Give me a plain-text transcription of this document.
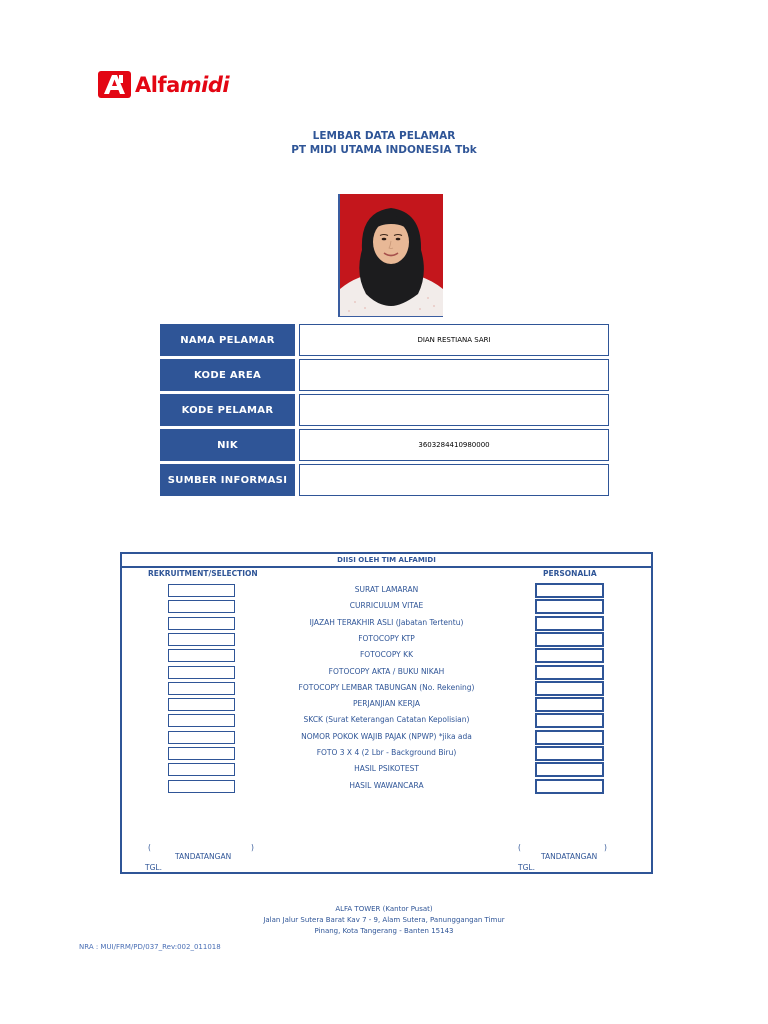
Alfamidi
LEMBAR DATA PELAMAR
PT MIDI UTAMA INDONESIA Tbk
NAMA PELAMAR	DIAN RESTIANA SARI
KODE AREA
KODE PELAMAR
NIK	3603284410980000
SUMBER INFORMASI
DIISI OLEH TIM ALFAMIDI
REKRUITMENT/SELECTION	PERSONALIA
SURAT LAMARAN
CURRICULUM VITAE
IJAZAH TERAKHIR ASLI (Jabatan Tertentu)
FOTOCOPY KTP
FOTOCOPY KK
FOTOCOPY AKTA / BUKU NIKAH
FOTOCOPY LEMBAR TABUNGAN (No. Rekening)
PERJANJIAN KERJA
SKCK (Surat Keterangan Catatan Kepolisian)
NOMOR POKOK WAJIB PAJAK (NPWP) *jika ada
FOTO 3 X 4 (2 Lbr - Background Biru)
HASIL PSIKOTEST
HASIL WAWANCARA
(	)
TANDATANGAN
TGL.
(	)
TANDATANGAN
TGL.
ALFA TOWER (Kantor Pusat)
Jalan Jalur Sutera Barat Kav 7 - 9, Alam Sutera, Panunggangan Timur
Pinang, Kota Tangerang - Banten 15143
NRA : MUI/FRM/PD/037_Rev:002_011018
